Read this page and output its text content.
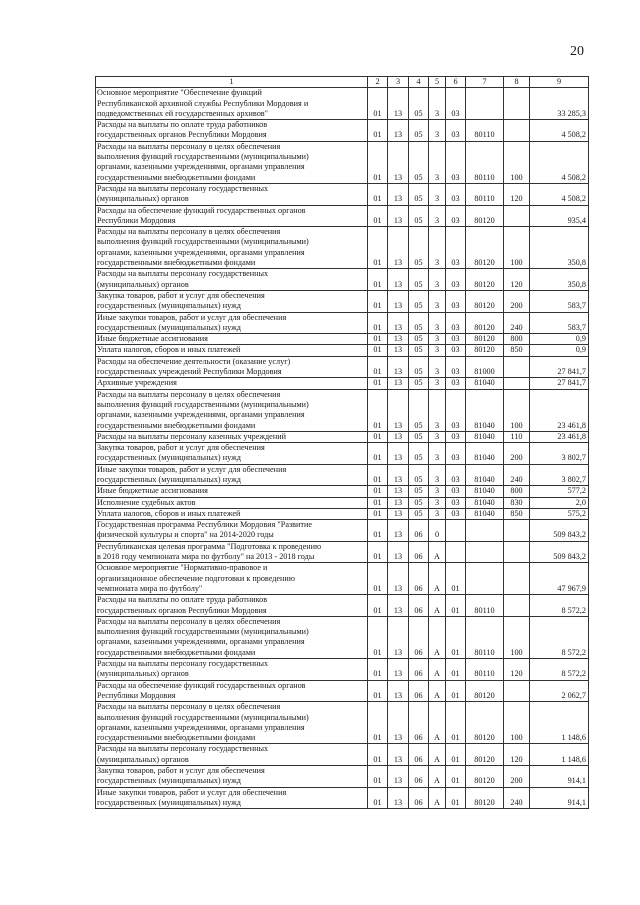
20
1	2	3	4	5	6	7	8	9
Основное мероприятие "Обеспечение функций
Республиканской архивной службы Республики Мордовия и
подведомственных ей государственных архивов"	01	13	05	3	03			33 285,3
Расходы на выплаты по оплате труда работников
государственных органов Республики Мордовия	01	13	05	3	03	80110		4 508,2
Расходы на выплаты персоналу в целях обеспечения
выполнения функций государственными (муниципальными)
органами, казенными учреждениями, органами управления
государственными внебюджетными фондами	01	13	05	3	03	80110	100	4 508,2
Расходы на выплаты персоналу государственных
(муниципальных) органов	01	13	05	3	03	80110	120	4 508,2
Расходы на обеспечение функций государственных органов
Республики Мордовия	01	13	05	3	03	80120		935,4
Расходы на выплаты персоналу в целях обеспечения
выполнения функций государственными (муниципальными)
органами, казенными учреждениями, органами управления
государственными внебюджетными фондами	01	13	05	3	03	80120	100	350,8
Расходы на выплаты персоналу государственных
(муниципальных) органов	01	13	05	3	03	80120	120	350,8
Закупка товаров, работ и услуг для обеспечения
государственных (муниципальных) нужд	01	13	05	3	03	80120	200	583,7
Иные закупки товаров, работ и услуг для обеспечения
государственных (муниципальных) нужд	01	13	05	3	03	80120	240	583,7
Иные бюджетные ассигнования	01	13	05	3	03	80120	800	0,9
Уплата налогов, сборов и иных платежей	01	13	05	3	03	80120	850	0,9
Расходы на обеспечение деятельности (оказание услуг)
государственных учреждений Республики Мордовия	01	13	05	3	03	81000		27 841,7
Архивные учреждения	01	13	05	3	03	81040		27 841,7
Расходы на выплаты персоналу в целях обеспечения
выполнения функций государственными (муниципальными)
органами, казенными учреждениями, органами управления
государственными внебюджетными фондами	01	13	05	3	03	81040	100	23 461,8
Расходы на выплаты персоналу казенных учреждений	01	13	05	3	03	81040	110	23 461,8
Закупка товаров, работ и услуг для обеспечения
государственных (муниципальных) нужд	01	13	05	3	03	81040	200	3 802,7
Иные закупки товаров, работ и услуг для обеспечения
государственных (муниципальных) нужд	01	13	05	3	03	81040	240	3 802,7
Иные бюджетные ассигнования	01	13	05	3	03	81040	800	577,2
Исполнение судебных актов	01	13	05	3	03	81040	830	2,0
Уплата налогов, сборов и иных платежей	01	13	05	3	03	81040	850	575,2
Государственная программа Республики Мордовия "Развитие
физической культуры и спорта" на 2014-2020 годы	01	13	06	0				509 843,2
Республиканская целевая программа "Подготовка к проведению
в 2018 году чемпионата мира по футболу" на 2013 - 2018 годы	01	13	06	А				509 843,2
Основное мероприятие "Нормативно-правовое и
организационное обеспечение подготовки к проведению
чемпионата мира по футболу"	01	13	06	А	01			47 967,9
Расходы на выплаты по оплате труда работников
государственных органов Республики Мордовия	01	13	06	А	01	80110		8 572,2
Расходы на выплаты персоналу в целях обеспечения
выполнения функций государственными (муниципальными)
органами, казенными учреждениями, органами управления
государственными внебюджетными фондами	01	13	06	А	01	80110	100	8 572,2
Расходы на выплаты персоналу государственных
(муниципальных) органов	01	13	06	А	01	80110	120	8 572,2
Расходы на обеспечение функций государственных органов
Республики Мордовия	01	13	06	А	01	80120		2 062,7
Расходы на выплаты персоналу в целях обеспечения
выполнения функций государственными (муниципальными)
органами, казенными учреждениями, органами управления
государственными внебюджетными фондами	01	13	06	А	01	80120	100	1 148,6
Расходы на выплаты персоналу государственных
(муниципальных) органов	01	13	06	А	01	80120	120	1 148,6
Закупка товаров, работ и услуг для обеспечения
государственных (муниципальных) нужд	01	13	06	А	01	80120	200	914,1
Иные закупки товаров, работ и услуг для обеспечения
государственных (муниципальных) нужд	01	13	06	А	01	80120	240	914,1
